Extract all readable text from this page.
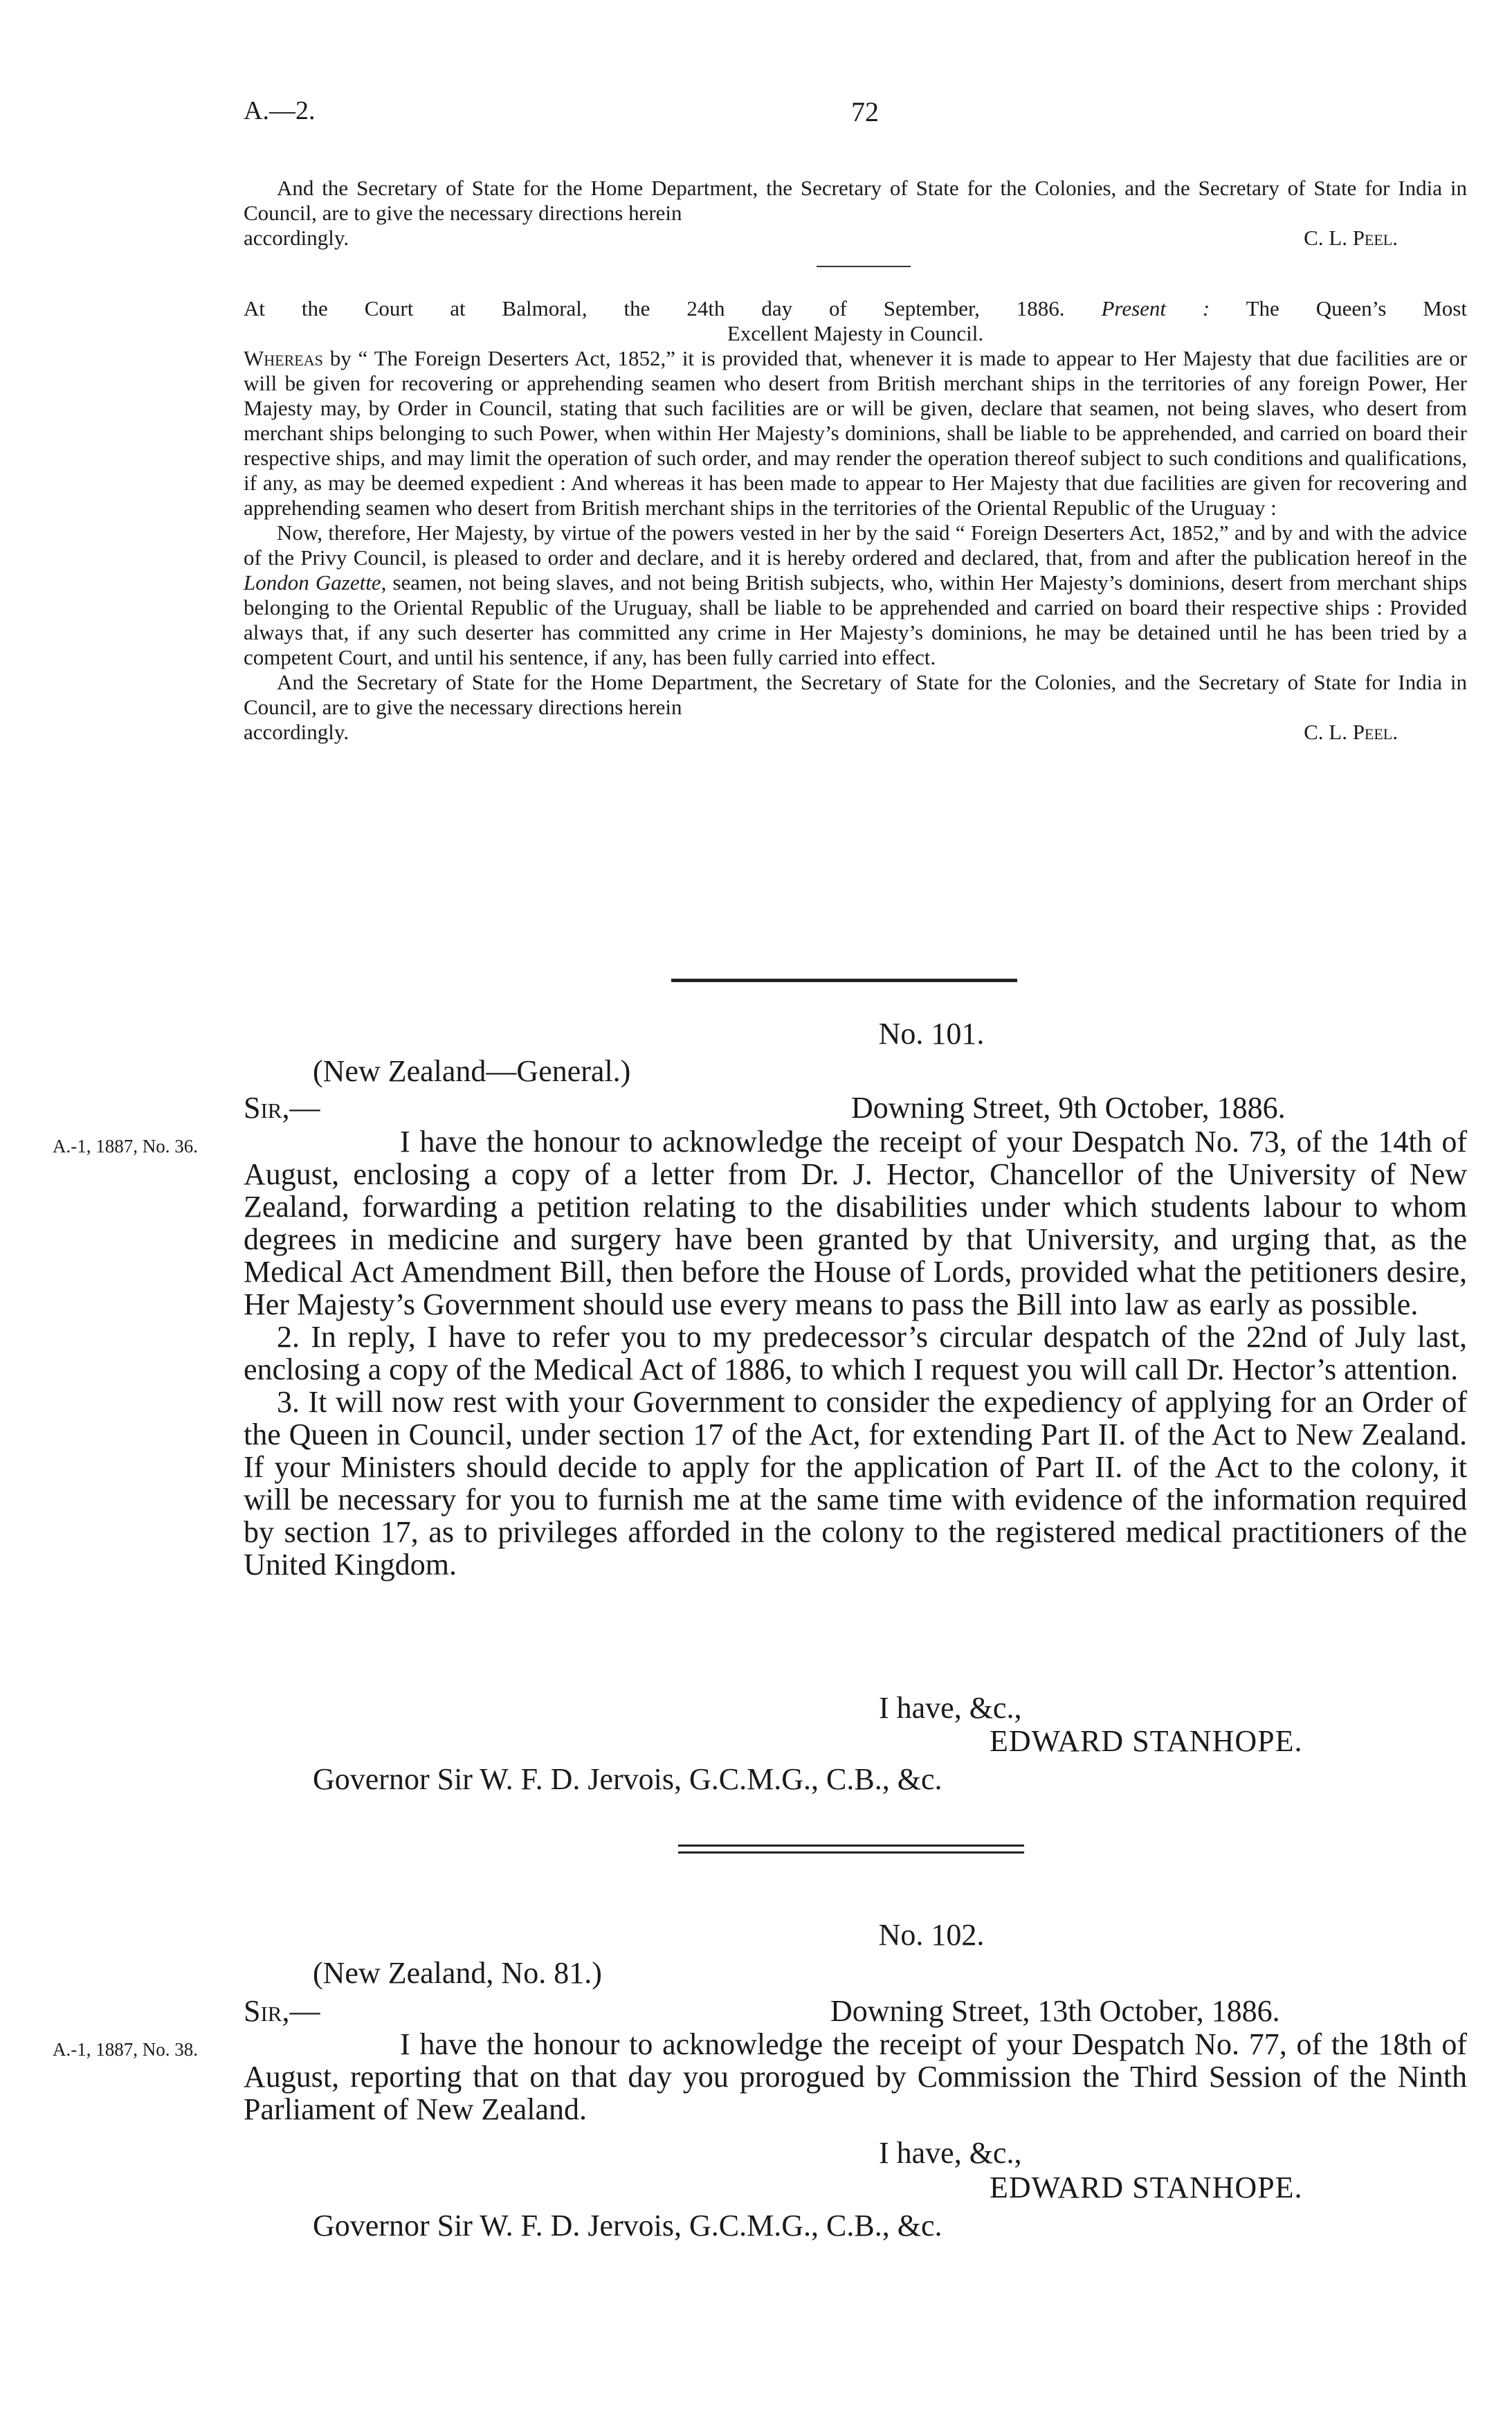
A.—2.	72

And the Secretary of State for the Home Department, the Secretary of State for the Colonies, and the Secretary of State for India in Council, are to give the necessary directions herein

accordingly.	C. L. Peel.

At the Court at Balmoral, the 24th day of September, 1886. Present : The Queen’s Most

Excellent Majesty in Council.

Whereas by “ The Foreign Deserters Act, 1852,” it is provided that, whenever it is made to appear to Her Majesty that due facilities are or will be given for recovering or apprehending seamen who desert from British merchant ships in the territories of any foreign Power, Her Majesty may, by Order in Council, stating that such facilities are or will be given, declare that seamen, not being slaves, who desert from merchant ships belonging to such Power, when within Her Majesty’s dominions, shall be liable to be apprehended, and carried on board their respective ships, and may limit the operation of such order, and may render the operation thereof subject to such conditions and qualifications, if any, as may be deemed expedient : And whereas it has been made to appear to Her Majesty that due facilities are given for recovering and apprehending seamen who desert from British merchant ships in the territories of the Oriental Republic of the Uruguay :

Now, therefore, Her Majesty, by virtue of the powers vested in her by the said “ Foreign Deserters Act, 1852,” and by and with the advice of the Privy Council, is pleased to order and declare, and it is hereby ordered and declared, that, from and after the publication hereof in the London Gazette, seamen, not being slaves, and not being British subjects, who, within Her Majesty’s dominions, desert from merchant ships belonging to the Oriental Republic of the Uruguay, shall be liable to be apprehended and carried on board their respective ships : Provided always that, if any such deserter has committed any crime in Her Majesty’s dominions, he may be detained until he has been tried by a competent Court, and until his sentence, if any, has been fully carried into effect.

And the Secretary of State for the Home Department, the Secretary of State for the Colonies, and the Secretary of State for India in Council, are to give the necessary directions herein

accordingly.	C. L. Peel.

No. 101.
(New Zealand—General.)
Sir,—	Downing Street, 9th October, 1886.
A.-1, 1887, No. 36.	I have the honour to acknowledge the receipt of your Despatch No. 73, of the 14th of August, enclosing a copy of a letter from Dr. J. Hector, Chancellor of the University of New Zealand, forwarding a petition relating to the disabilities under which students labour to whom degrees in medicine and surgery have been granted by that University, and urging that, as the Medical Act Amendment Bill, then before the House of Lords, provided what the petitioners desire, Her Majesty’s Government should use every means to pass the Bill into law as early as possible.

2. In reply, I have to refer you to my predecessor’s circular despatch of the 22nd of July last, enclosing a copy of the Medical Act of 1886, to which I request you will call Dr. Hector’s attention.

3. It will now rest with your Government to consider the expediency of applying for an Order of the Queen in Council, under section 17 of the Act, for extending Part II. of the Act to New Zealand. If your Ministers should decide to apply for the application of Part II. of the Act to the colony, it will be necessary for you to furnish me at the same time with evidence of the information required by section 17, as to privileges afforded in the colony to the registered medical practitioners of the United Kingdom.

I have, &c.,
EDWARD STANHOPE.
Governor Sir W. F. D. Jervois, G.C.M.G., C.B., &c.
No. 102.
(New Zealand, No. 81.)
Sir,—	Downing Street, 13th October, 1886.
A.-1, 1887, No. 38.	I have the honour to acknowledge the receipt of your Despatch No. 77, of the 18th of August, reporting that on that day you prorogued by Commission the Third Session of the Ninth Parliament of New Zealand.

I have, &c.,
EDWARD STANHOPE.
Governor Sir W. F. D. Jervois, G.C.M.G., C.B., &c.
